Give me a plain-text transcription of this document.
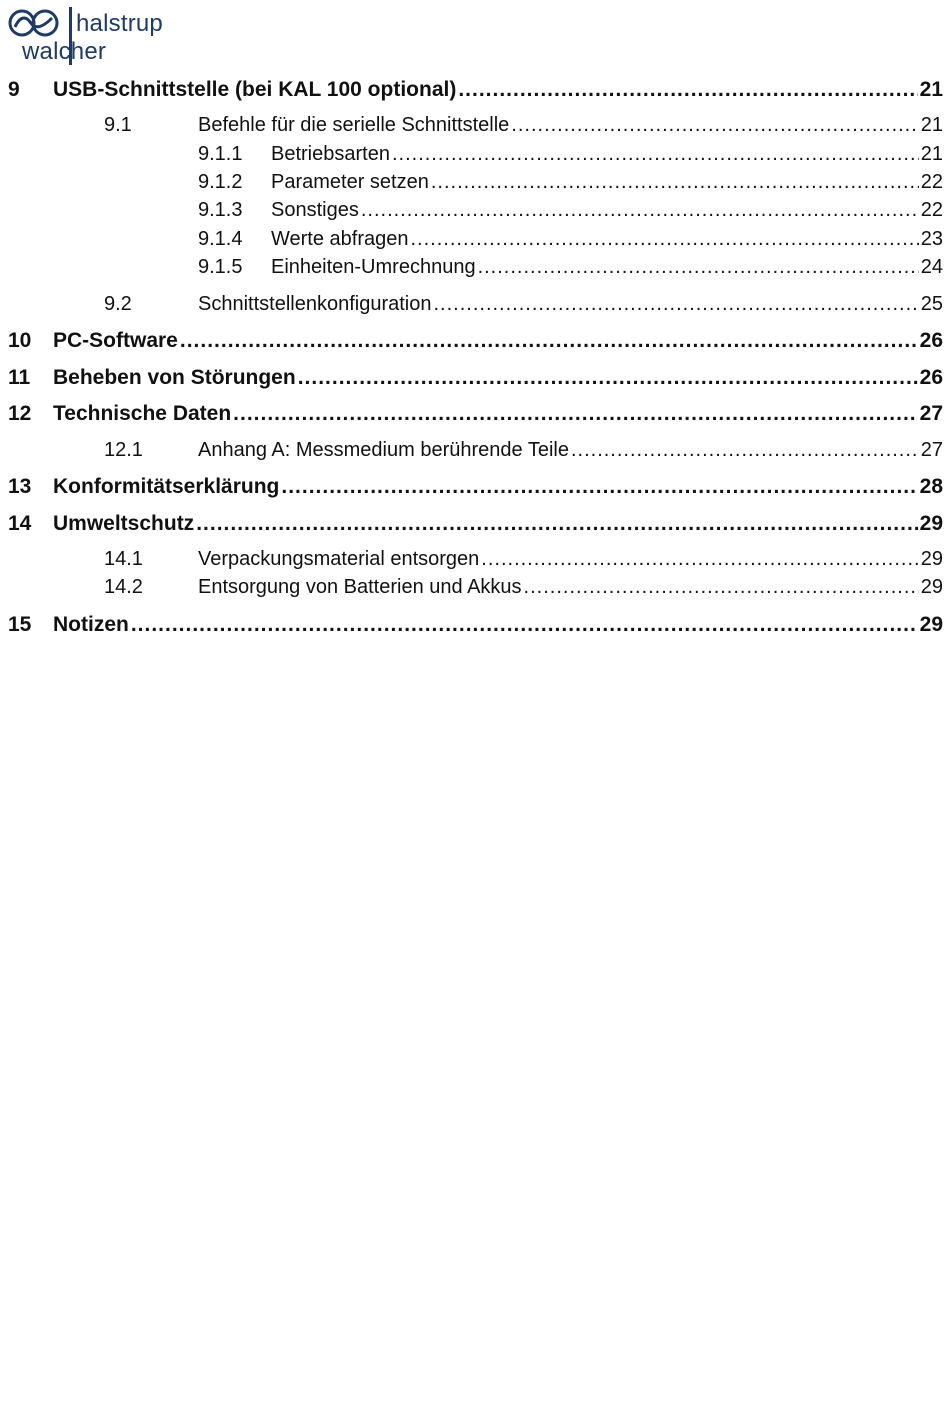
halstrup
walcher
9 USB-Schnittstelle (bei KAL 100 optional) .....	21
9.1	Befehle für die serielle Schnittstelle .....	21
9.1.1 Betriebsarten .....	21
9.1.2 Parameter setzen .....	22
9.1.3 Sonstiges .....	22
9.1.4 Werte abfragen .....	23
9.1.5 Einheiten-Umrechnung .....	24
9.2	Schnittstellenkonfiguration .....	25
10 PC-Software .....	26
11 Beheben von Störungen .....	26
12 Technische Daten .....	27
12.1	Anhang A: Messmedium berührende Teile .....	27
13 Konformitätserklärung .....	28
14 Umweltschutz .....	29
14.1	Verpackungsmaterial entsorgen .....	29
14.2	Entsorgung von Batterien und Akkus .....	29
15 Notizen .....	29
